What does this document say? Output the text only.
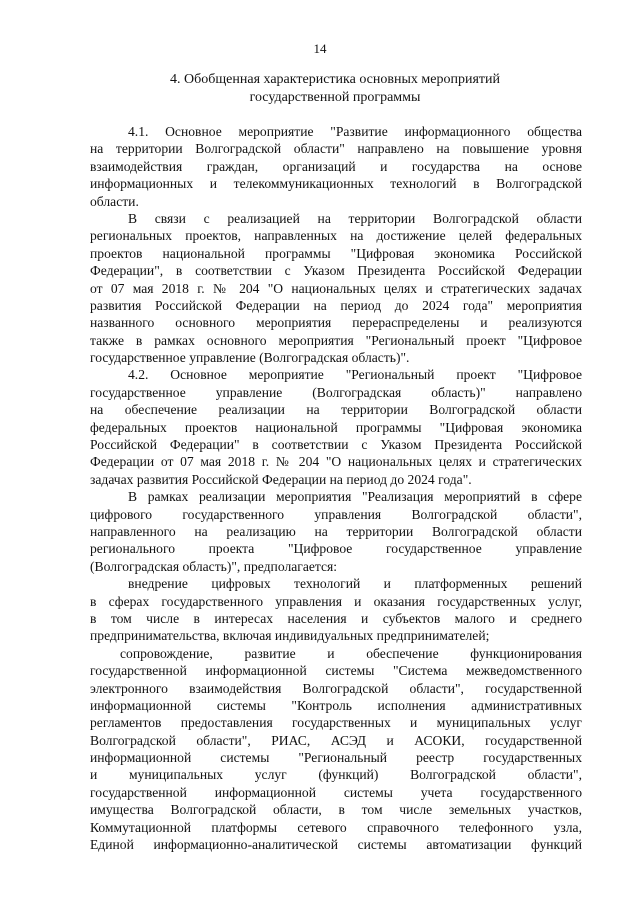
14
4. Обобщенная характеристика основных мероприятий
государственной программы
4.1. Основное мероприятие "Развитие информационного общества
на территории Волгоградской области" направлено на повышение уровня
взаимодействия граждан, организаций и государства на основе
информационных и телекоммуникационных технологий в Волгоградской
области.
В связи с реализацией на территории Волгоградской области
региональных проектов, направленных на достижение целей федеральных
проектов национальной программы "Цифровая экономика Российской
Федерации", в соответствии с Указом Президента Российской Федерации
от 07 мая 2018 г. № 204 "О национальных целях и стратегических задачах
развития Российской Федерации на период до 2024 года" мероприятия
названного основного мероприятия перераспределены и реализуются
также в рамках основного мероприятия "Региональный проект "Цифровое
государственное управление (Волгоградская область)".
4.2. Основное мероприятие "Региональный проект "Цифровое
государственное управление (Волгоградская область)" направлено
на обеспечение реализации на территории Волгоградской области
федеральных проектов национальной программы "Цифровая экономика
Российской Федерации" в соответствии с Указом Президента Российской
Федерации от 07 мая 2018 г. № 204 "О национальных целях и стратегических
задачах развития Российской Федерации на период до 2024 года".
В рамках реализации мероприятия "Реализация мероприятий в сфере
цифрового государственного управления Волгоградской области",
направленного на реализацию на территории Волгоградской области
регионального проекта "Цифровое государственное управление
(Волгоградская область)", предполагается:
внедрение цифровых технологий и платформенных решений
в сферах государственного управления и оказания государственных услуг,
в том числе в интересах населения и субъектов малого и среднего
предпринимательства, включая индивидуальных предпринимателей;
сопровождение, развитие и обеспечение функционирования
государственной информационной системы "Система межведомственного
электронного взаимодействия Волгоградской области", государственной
информационной системы "Контроль исполнения административных
регламентов предоставления государственных и муниципальных услуг
Волгоградской области", РИАС, АСЭД и АСОКИ, государственной
информационной системы "Региональный реестр государственных
и муниципальных услуг (функций) Волгоградской области",
государственной информационной системы учета государственного
имущества Волгоградской области, в том числе земельных участков,
Коммутационной платформы сетевого справочного телефонного узла,
Единой информационно-аналитической системы автоматизации функций
